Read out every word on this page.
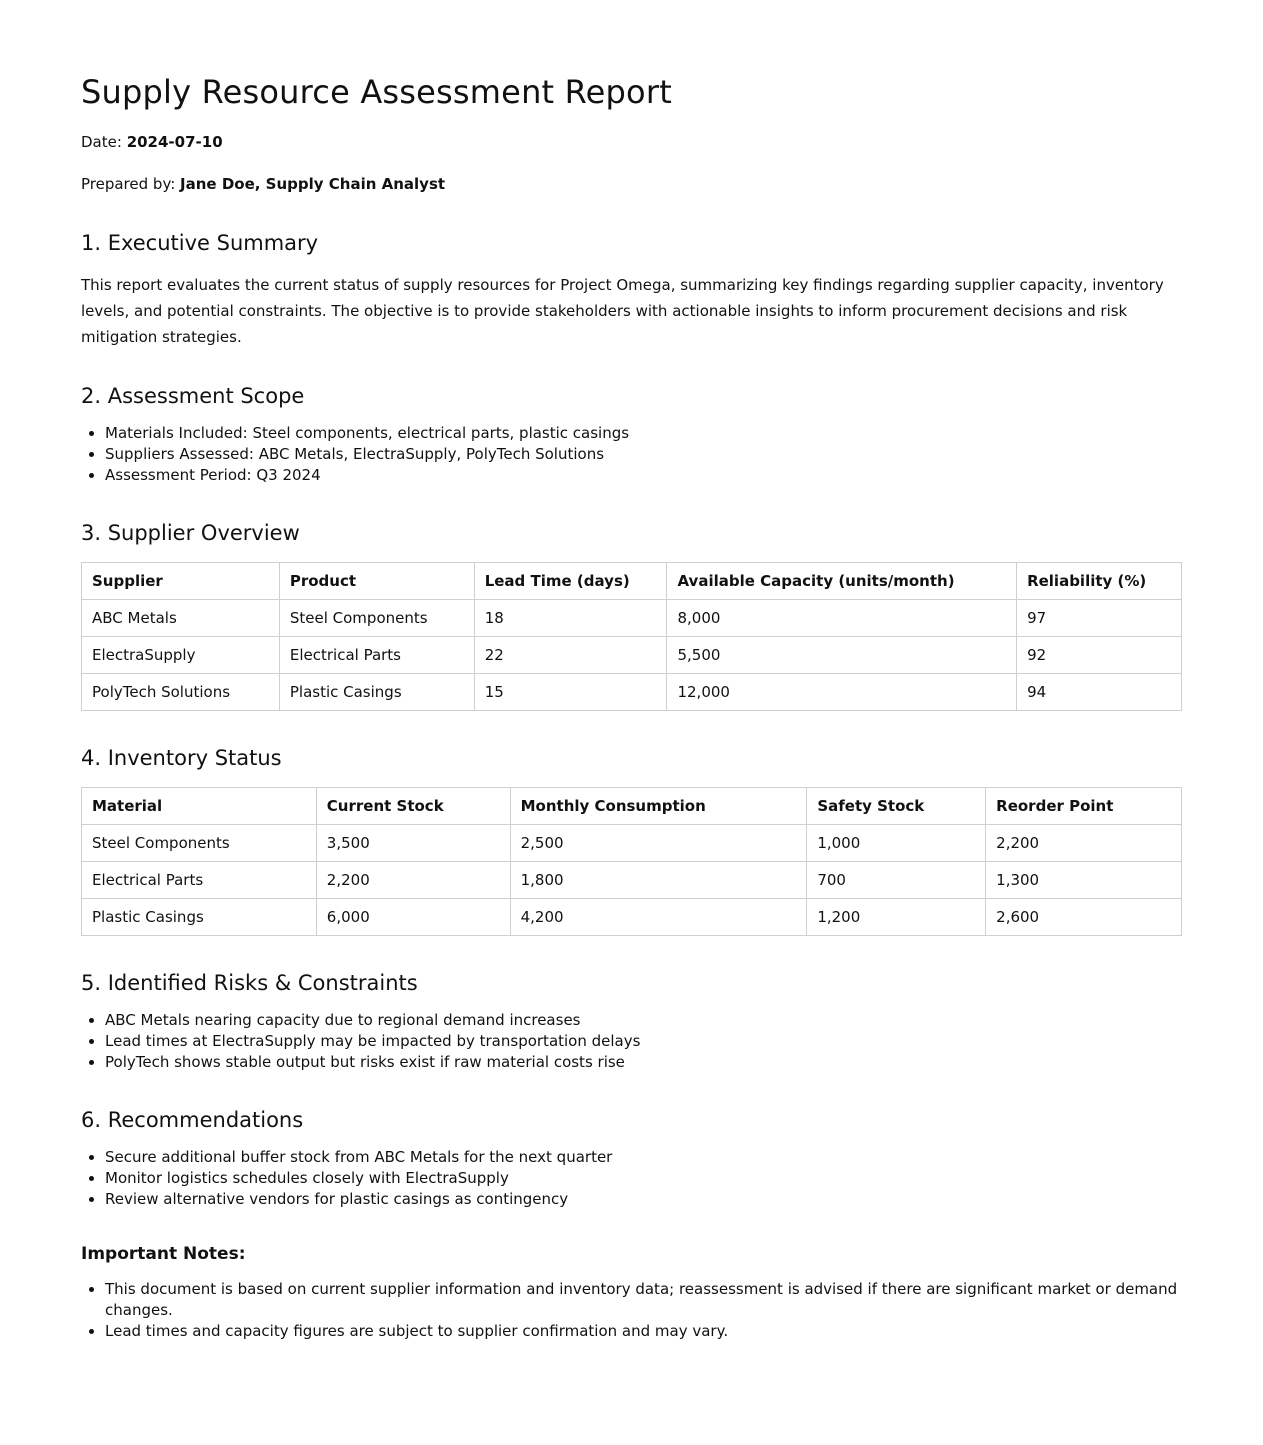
Supply Resource Assessment Report

Date: 2024-07-10

Prepared by: Jane Doe, Supply Chain Analyst

1. Executive Summary

This report evaluates the current status of supply resources for Project Omega, summarizing key findings regarding supplier capacity, inventory levels, and potential constraints. The objective is to provide stakeholders with actionable insights to inform procurement decisions and risk mitigation strategies.

2. Assessment Scope
• Materials Included: Steel components, electrical parts, plastic casings
• Suppliers Assessed: ABC Metals, ElectraSupply, PolyTech Solutions
• Assessment Period: Q3 2024
3. Supplier Overview
Supplier	Product	Lead Time (days)	Available Capacity (units/month)	Reliability (%)
ABC Metals	Steel Components	18	8,000	97
ElectraSupply	Electrical Parts	22	5,500	92
PolyTech Solutions	Plastic Casings	15	12,000	94
4. Inventory Status
Material	Current Stock	Monthly Consumption	Safety Stock	Reorder Point
Steel Components	3,500	2,500	1,000	2,200
Electrical Parts	2,200	1,800	700	1,300
Plastic Casings	6,000	4,200	1,200	2,600
5. Identified Risks & Constraints
• ABC Metals nearing capacity due to regional demand increases
• Lead times at ElectraSupply may be impacted by transportation delays
• PolyTech shows stable output but risks exist if raw material costs rise
6. Recommendations
• Secure additional buffer stock from ABC Metals for the next quarter
• Monitor logistics schedules closely with ElectraSupply
• Review alternative vendors for plastic casings as contingency
Important Notes:
• This document is based on current supplier information and inventory data; reassessment is advised if there are significant market or demand changes.
• Lead times and capacity figures are subject to supplier confirmation and may vary.
